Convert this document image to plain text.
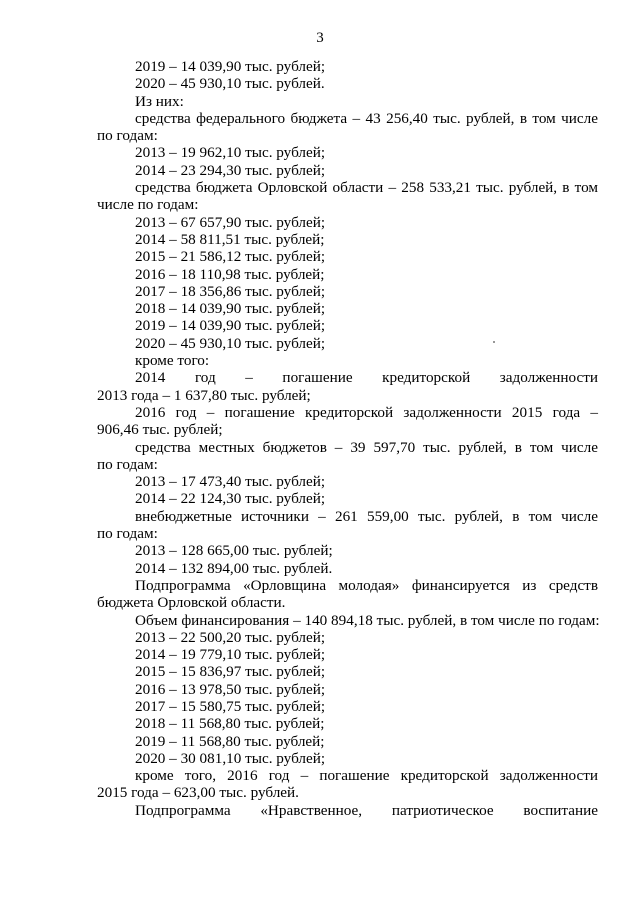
3
2019 – 14 039,90 тыс. рублей;
2020 – 45 930,10 тыс. рублей.
Из них:
средства федерального бюджета – 43 256,40 тыс. рублей, в том числе
по годам:
2013 – 19 962,10 тыс. рублей;
2014 – 23 294,30 тыс. рублей;
средства бюджета Орловской области – 258 533,21 тыс. рублей, в том
числе по годам:
2013 – 67 657,90 тыс. рублей;
2014 – 58 811,51 тыс. рублей;
2015 – 21 586,12 тыс. рублей;
2016 – 18 110,98 тыс. рублей;
2017 – 18 356,86 тыс. рублей;
2018 – 14 039,90 тыс. рублей;
2019 – 14 039,90 тыс. рублей;
2020 – 45 930,10 тыс. рублей;
кроме того:
2014 год – погашение кредиторской задолженности
2013 года – 1 637,80 тыс. рублей;
2016 год – погашение кредиторской задолженности 2015 года –
906,46 тыс. рублей;
средства местных бюджетов – 39 597,70 тыс. рублей, в том числе
по годам:
2013 – 17 473,40 тыс. рублей;
2014 – 22 124,30 тыс. рублей;
внебюджетные источники – 261 559,00 тыс. рублей, в том числе
по годам:
2013 – 128 665,00 тыс. рублей;
2014 – 132 894,00 тыс. рублей.
Подпрограмма «Орловщина молодая» финансируется из средств
бюджета Орловской области.
Объем финансирования – 140 894,18 тыс. рублей, в том числе по годам:
2013 – 22 500,20 тыс. рублей;
2014 – 19 779,10 тыс. рублей;
2015 – 15 836,97 тыс. рублей;
2016 – 13 978,50 тыс. рублей;
2017 – 15 580,75 тыс. рублей;
2018 – 11 568,80 тыс. рублей;
2019 – 11 568,80 тыс. рублей;
2020 – 30 081,10 тыс. рублей;
кроме того, 2016 год – погашение кредиторской задолженности
2015 года – 623,00 тыс. рублей.
Подпрограмма «Нравственное, патриотическое воспитание
